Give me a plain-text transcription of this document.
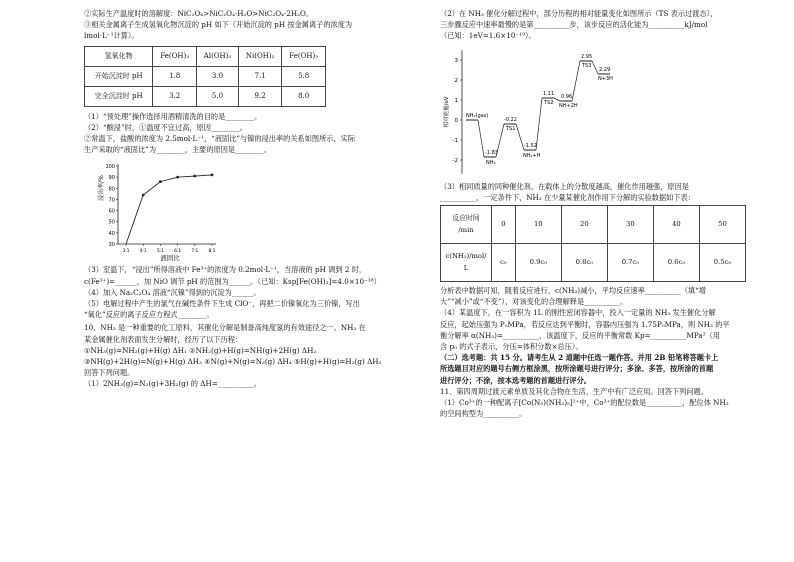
②实际生产温度时的溶解度：NiC₂O₄>NiC₂O₄·H₂O>NiC₂O₄·2H₂O。
③相关金属离子生成氢氧化物沉淀的 pH 如下（开始沉淀的 pH 按金属离子的浓度为
lmol·L⁻¹计算）。
氢氧化物	Fe(OH)₃	Al(OH)₃	Ni(OH)₂	Fe(OH)₂
开始沉淀时 pH	1.8	3.0	7.1	5.8
完全沉淀时 pH	3.2	5.0	9.2	8.0
（1）“预处理”操作选择用酒精清洗的目的是________。
（2）“酸浸”时，①温度不宜过高，原因________。
②常温下，盐酸的浓度为 2.5mol·L⁻¹，“液固比”与镍的浸出率的关系如图所示，实际
生产采取的“液固比”为________，主要的原因是________。
浸出率/%
液固比
30
40
50
60
70
80
90
100
3∶1 4∶1 5∶1 6∶1 7∶1 8∶1
（3）室温下，“浸出”所得溶液中 Fe³⁺的浓度为 0.2mol·L⁻¹，当溶液的 pH 调到 2 时，
c(Fe³⁺)=______，加 NiO 调节 pH 的范围为______。（已知：Ksp[Fe(OH)₃]=4.0×10⁻³⁸）
（4）加入 Na₂C₂O₄ 溶液“沉镍”得到的沉淀为______。
（5）电解过程中产生的氯气在碱性条件下生成 ClO⁻，再把二价镍氧化为三价镍，写出
“氧化”反应的离子反应方程式________。
10、NH₃ 是一种重要的化工原料，其催化分解是制备高纯度氢的有效途径之一。NH₃ 在
某金属催化剂表面发生分解时，经历了以下历程：
①NH₃(g)=NH₂(g)+H(g) ΔH₁ ②NH₂(g)+H(g)=NH(g)+2H(g) ΔH₂
③NH(g)+2H(g)=N(g)+H(g) ΔH₃ ④N(g)+N(g)=N₂(g) ΔH₄ ⑤H(g)+H(g)=H₂(g) ΔH₅
回答下列问题。
（1）2NH₃(g)=N₂(g)+3H₂(g) 的 ΔH=__________。
（2）在 NH₃ 催化分解过程中，部分历程的相对能量变化如图所示（TS 表示过渡态），
三步骤反应中速率最慢的是第__________步，该步反应的活化能为__________kJ/mol
（已知：1eV=1.6×10⁻¹⁹）。
相对能量/eV
3
2
1
0
-1
-2
NH₃(gas)
-1.83
NH₃
-0.22
TS1
-1.52
NH₂+H
1.11
TS2
0.96
NH+2H
2.95
TS3
2.29
N+3H
（3）相同质量的同种催化剂，在载体上的分散度越高，催化作用越强，原因是
__________，一定条件下，NH₃ 在少量某催化剂作用下分解的实验数据如下表：
反应时间
/min	0	10	20	30	40	50

c(NH₃)/mol/
L	c₀	0.9c₀	0.8c₀	0.7c₀	0.6c₀	0.5c₀
分析表中数据可知，随着反应进行，c(NH₃)减小，平均反应速率__________（填“增
大”“减小”或“不变”），对该变化的合理解释是__________。
（4）某温度下，在一容积为 1L 的刚性密闭容器中，投入一定量的 NH₃ 发生催化分解
反应，起始压强为 P₀MPa，若反应达到平衡时，容器内压强为 1.75P₀MPa，则 NH₃ 的平
衡分解率 α(NH₃)=__________，该温度下，反应的平衡常数 Kp=__________MPa²（用
含 p₀ 的式子表示，分压=体积分数×总压）。
（二）选考题：共 15 分。请考生从 2 道题中任选一题作答。并用 2B 铅笔将答题卡上
所选题目对应的题号右侧方框涂黑，按所涂题号进行评分；多涂、多答，按所涂的首题
进行评分；不涂，按本选考题的首题进行评分。
11、第四周期过渡元素单质及其化合物在生活、生产中有广泛应用。回答下列问题。
（1）Co³⁺的一种配离子[Co(N₃)(NH₃)₅]²⁺中，Co³⁺的配位数是__________，配位体 NH₃
的空间构型为__________。
